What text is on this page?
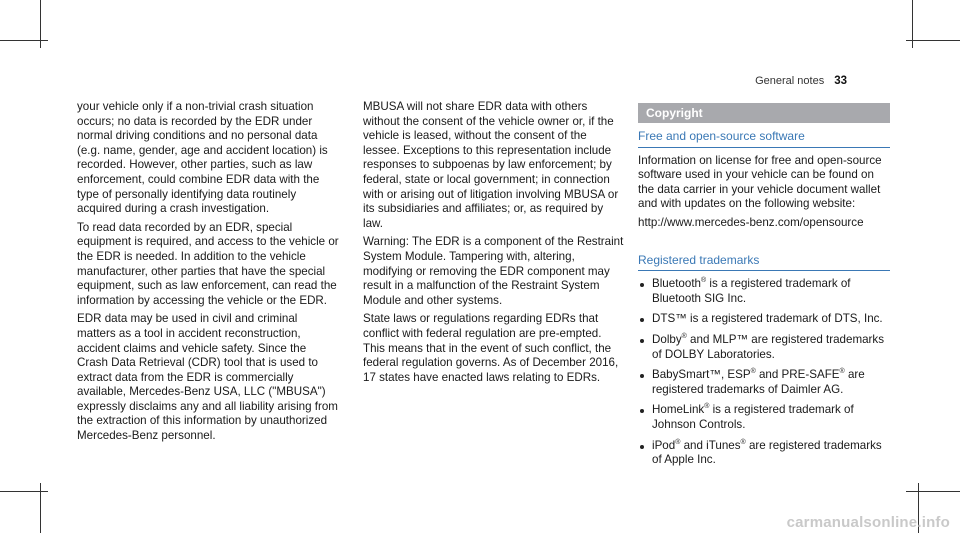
General notes 33

your vehicle only if a non-trivial crash situation occurs; no data is recorded by the EDR under normal driving conditions and no personal data (e.g. name, gender, age and accident location) is recorded. However, other parties, such as law enforcement, could combine EDR data with the type of personally identifying data routinely acquired during a crash investigation.

To read data recorded by an EDR, special equipment is required, and access to the vehicle or the EDR is needed. In addition to the vehicle manufacturer, other parties that have the special equipment, such as law enforcement, can read the information by accessing the vehicle or the EDR.

EDR data may be used in civil and criminal matters as a tool in accident reconstruction, accident claims and vehicle safety. Since the Crash Data Retrieval (CDR) tool that is used to extract data from the EDR is commercially available, Mercedes-Benz USA, LLC ("MBUSA") expressly disclaims any and all liability arising from the extraction of this information by unauthorized Mercedes-Benz personnel.

MBUSA will not share EDR data with others without the consent of the vehicle owner or, if the vehicle is leased, without the consent of the lessee. Exceptions to this representation include responses to subpoenas by law enforcement; by federal, state or local government; in connection with or arising out of litigation involving MBUSA or its subsidiaries and affiliates; or, as required by law.

Warning: The EDR is a component of the Restraint System Module. Tampering with, altering, modifying or removing the EDR component may result in a malfunction of the Restraint System Module and other systems.

State laws or regulations regarding EDRs that conflict with federal regulation are pre-empted. This means that in the event of such conflict, the federal regulation governs. As of December 2016, 17 states have enacted laws relating to EDRs.

Copyright
Free and open-source software

Information on license for free and open-source software used in your vehicle can be found on the data carrier in your vehicle document wallet and with updates on the following website:

http://www.mercedes-benz.com/opensource

Registered trademarks
Bluetooth® is a registered trademark of Bluetooth SIG Inc.
DTS™ is a registered trademark of DTS, Inc.
Dolby® and MLP™ are registered trademarks of DOLBY Laboratories.
BabySmart™, ESP® and PRE-SAFE® are registered trademarks of Daimler AG.
HomeLink® is a registered trademark of Johnson Controls.
iPod® and iTunes® are registered trademarks of Apple Inc.
carmanualsonline.info
